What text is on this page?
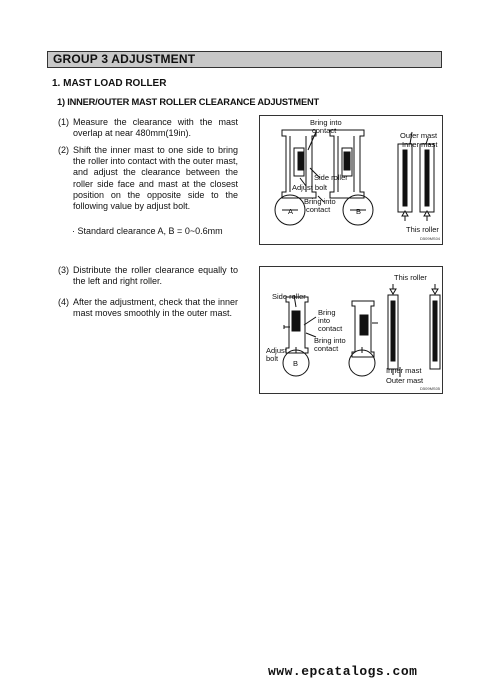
GROUP 3 ADJUSTMENT
1. MAST LOAD ROLLER
1) INNER/OUTER MAST ROLLER CLEARANCE ADJUSTMENT
(1) Measure the clearance with the mast overlap at near 480mm(19in).
(2) Shift the inner mast to one side to bring the roller into contact with the outer mast, and adjust the clearance between the roller side face and mast at the closest position on the opposite side to the following value by adjust bolt.
· Standard clearance A, B = 0~0.6mm
(3) Distribute the roller clearance equally to the left and right roller.
(4) After the adjustment, check that the inner mast moves smoothly in the outer mast.
Bring into
contact
Side roller
Adjust bolt
Bring into
contact
A	B
Outer mast
Inner mast
This roller
D509MS04
Side roller
Bring
into
contact
Bring into
contact
Adjust
bolt
B
This roller
Inner mast
Outer mast
D509MS05
www.epcatalogs.com
